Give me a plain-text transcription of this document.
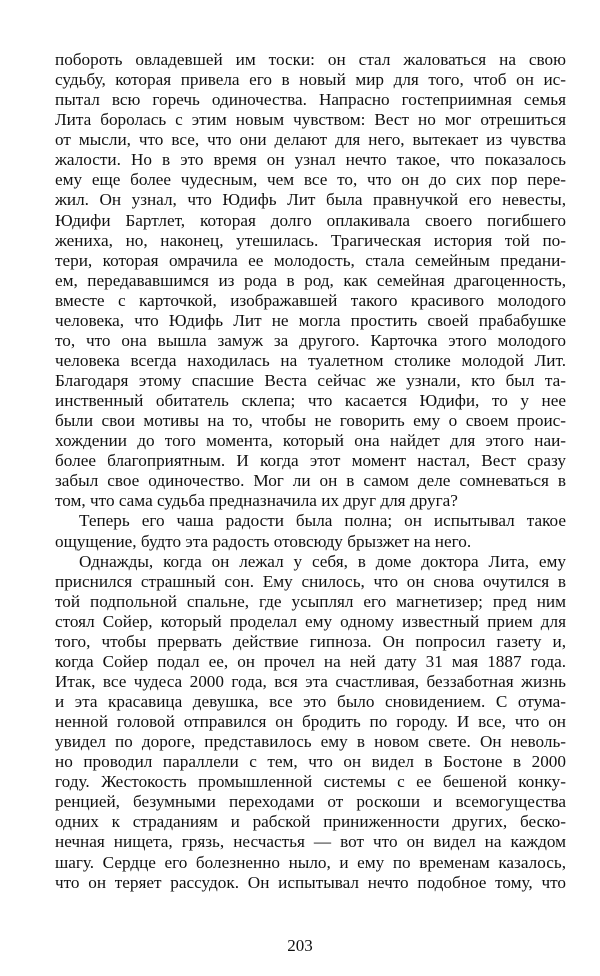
побороть овладевшей им тоски: он стал жаловаться на свою
судьбу, которая привела его в новый мир для того, чтоб он ис-
пытал всю горечь одиночества. Напрасно гостеприимная семья
Лита боролась с этим новым чувством: Вест но мог отрешиться
от мысли, что все, что они делают для него, вытекает из чувства
жалости. Но в это время он узнал нечто такое, что показалось
ему еще более чудесным, чем все то, что он до сих пор пере-
жил. Он узнал, что Юдифь Лит была правнучкой его невесты,
Юдифи Бартлет, которая долго оплакивала своего погибшего
жениха, но, наконец, утешилась. Трагическая история той по-
тери, которая омрачила ее молодость, стала семейным предани-
ем, передававшимся из рода в род, как семейная драгоценность,
вместе с карточкой, изображавшей такого красивого молодого
человека, что Юдифь Лит не могла простить своей прабабушке
то, что она вышла замуж за другого. Карточка этого молодого
человека всегда находилась на туалетном столике молодой Лит.
Благодаря этому спасшие Веста сейчас же узнали, кто был та-
инственный обитатель склепа; что касается Юдифи, то у нее
были свои мотивы на то, чтобы не говорить ему о своем проис-
хождении до того момента, который она найдет для этого наи-
более благоприятным. И когда этот момент настал, Вест сразу
забыл свое одиночество. Мог ли он в самом деле сомневаться в
том, что сама судьба предназначила их друг для друга?
Теперь его чаша радости была полна; он испытывал такое
ощущение, будто эта радость отовсюду брызжет на него.
Однажды, когда он лежал у себя, в доме доктора Лита, ему
приснился страшный сон. Ему снилось, что он снова очутился в
той подпольной спальне, где усыплял его магнетизер; пред ним
стоял Сойер, который проделал ему одному известный прием для
того, чтобы прервать действие гипноза. Он попросил газету и,
когда Сойер подал ее, он прочел на ней дату 31 мая 1887 года.
Итак, все чудеса 2000 года, вся эта счастливая, беззаботная жизнь
и эта красавица девушка, все это было сновидением. С отума-
ненной головой отправился он бродить по городу. И все, что он
увидел по дороге, представилось ему в новом свете. Он неволь-
но проводил параллели с тем, что он видел в Бостоне в 2000
году. Жестокость промышленной системы с ее бешеной конку-
ренцией, безумными переходами от роскоши и всемогущества
одних к страданиям и рабской приниженности других, беско-
нечная нищета, грязь, несчастья — вот что он видел на каждом
шагу. Сердце его болезненно ныло, и ему по временам казалось,
что он теряет рассудок. Он испытывал нечто подобное тому, что
203
